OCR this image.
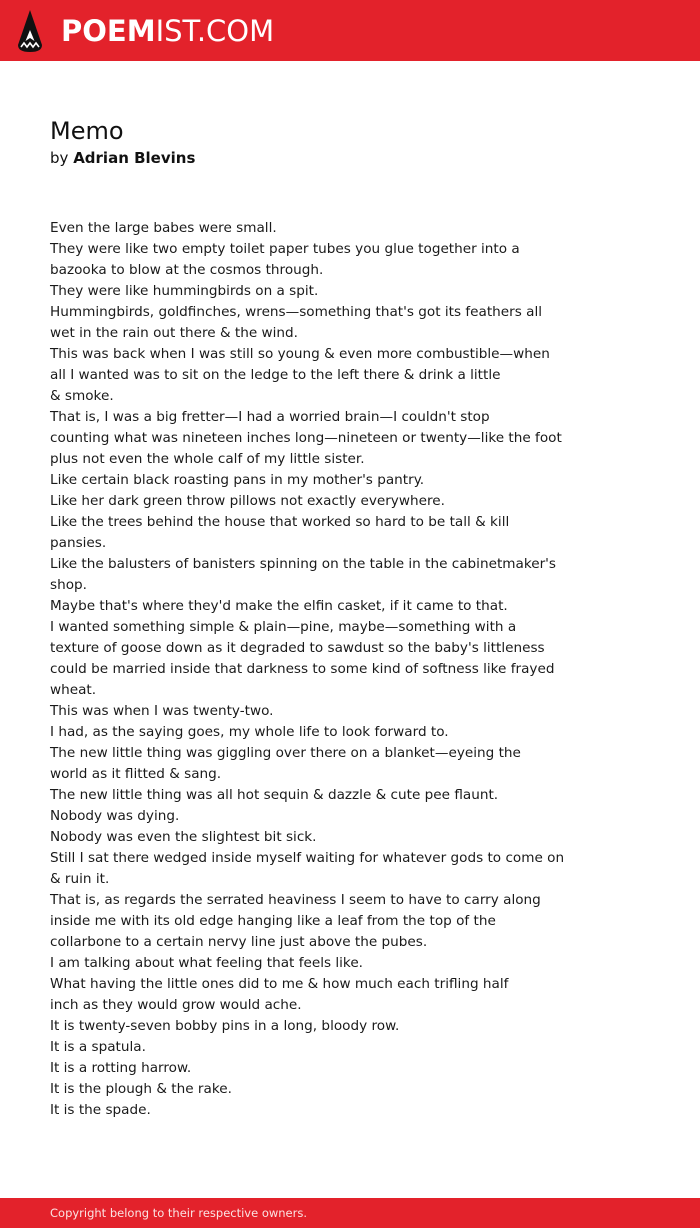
POEMIST.COM
Memo
by Adrian Blevins
Even the large babes were small.
They were like two empty toilet paper tubes you glue together into a
bazooka to blow at the cosmos through.
They were like hummingbirds on a spit.
Hummingbirds, goldfinches, wrens—something that's got its feathers all
wet in the rain out there & the wind.
This was back when I was still so young & even more combustible—when
all I wanted was to sit on the ledge to the left there & drink a little
& smoke.
That is, I was a big fretter—I had a worried brain—I couldn't stop
counting what was nineteen inches long—nineteen or twenty—like the foot
plus not even the whole calf of my little sister.
Like certain black roasting pans in my mother's pantry.
Like her dark green throw pillows not exactly everywhere.
Like the trees behind the house that worked so hard to be tall & kill
pansies.
Like the balusters of banisters spinning on the table in the cabinetmaker's
shop.
Maybe that's where they'd make the elfin casket, if it came to that.
I wanted something simple & plain—pine, maybe—something with a
texture of goose down as it degraded to sawdust so the baby's littleness
could be married inside that darkness to some kind of softness like frayed
wheat.
This was when I was twenty-two.
I had, as the saying goes, my whole life to look forward to.
The new little thing was giggling over there on a blanket—eyeing the
world as it flitted & sang.
The new little thing was all hot sequin & dazzle & cute pee flaunt.
Nobody was dying.
Nobody was even the slightest bit sick.
Still I sat there wedged inside myself waiting for whatever gods to come on
& ruin it.
That is, as regards the serrated heaviness I seem to have to carry along
inside me with its old edge hanging like a leaf from the top of the
collarbone to a certain nervy line just above the pubes.
I am talking about what feeling that feels like.
What having the little ones did to me & how much each trifling half
inch as they would grow would ache.
It is twenty-seven bobby pins in a long, bloody row.
It is a spatula.
It is a rotting harrow.
It is the plough & the rake.
It is the spade.
Copyright belong to their respective owners.
